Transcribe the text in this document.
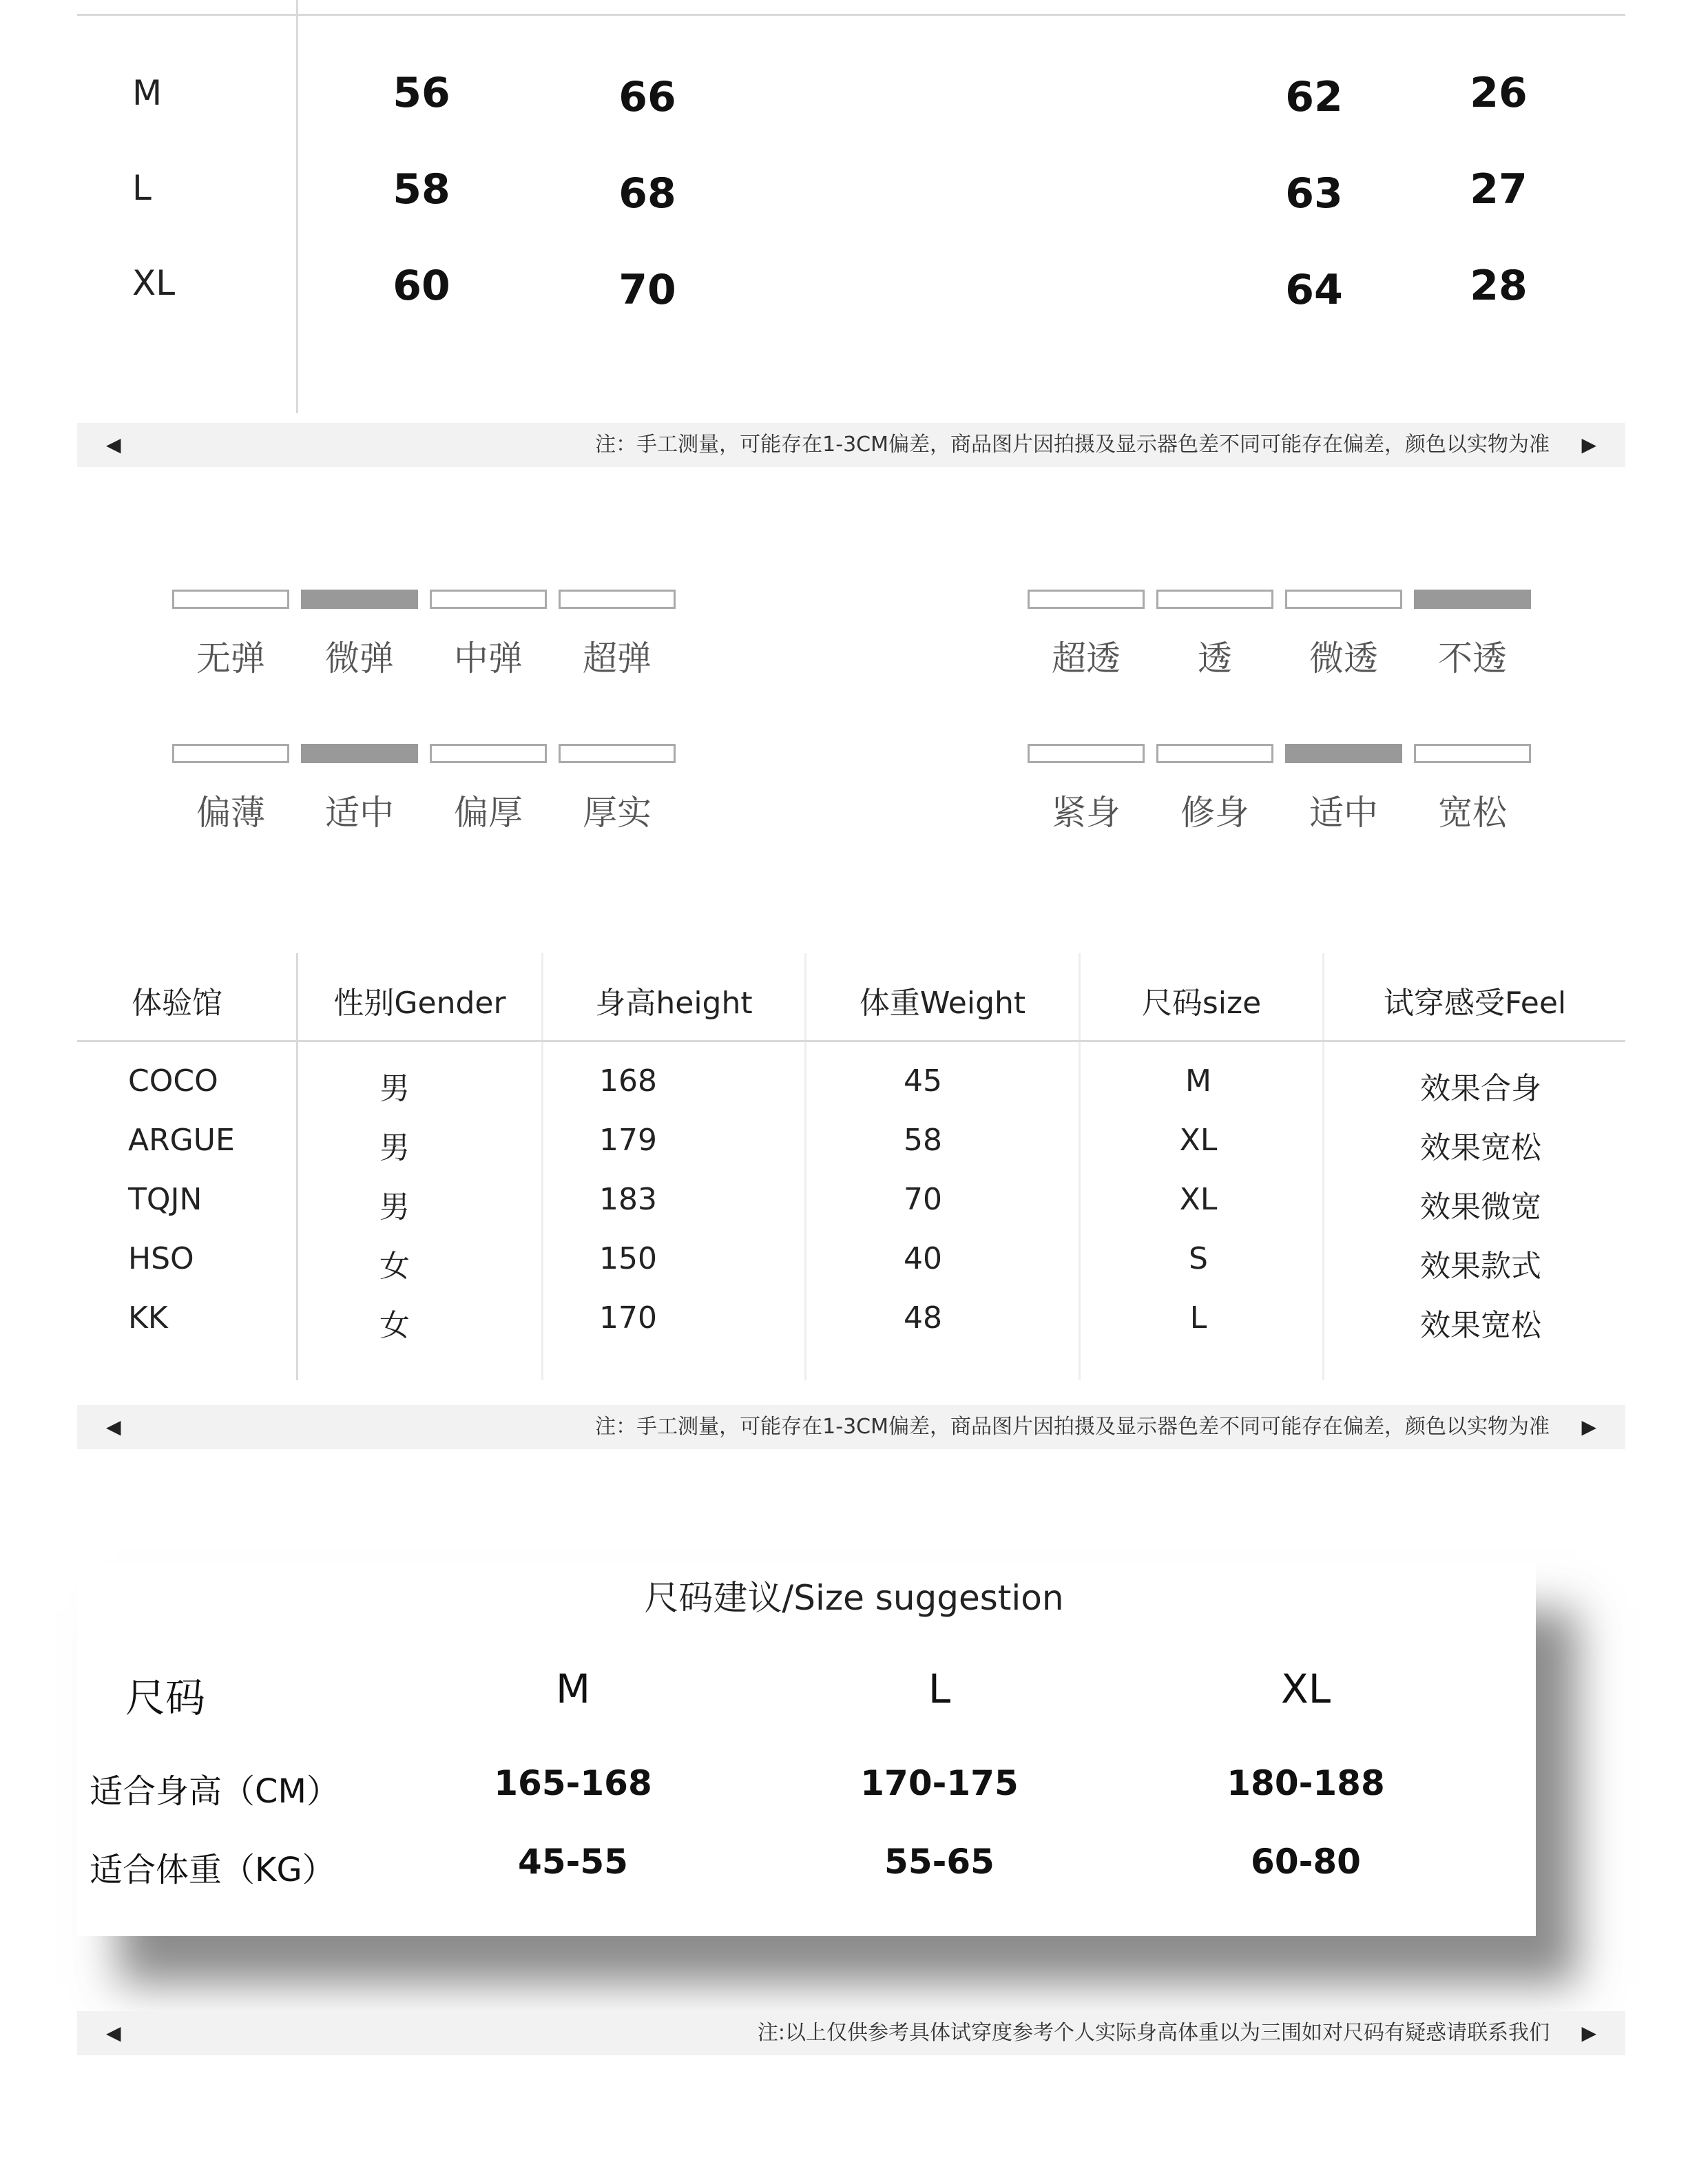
M	56	66	62	26
L	58	68	63	27
XL	60	70	64	28
◀	注：手工测量，可能存在1-3CM偏差，商品图片因拍摄及显示器色差不同可能存在偏差，颜色以实物为准 ▶
无弹	微弹	中弹	超弹	超透	透	微透	不透
偏薄	适中	偏厚	厚实	紧身	修身	适中	宽松
体验馆	性别Gender	身高height	体重Weight	尺码size	试穿感受Feel
COCO	男	168	45	M	效果合身
ARGUE	男	179	58	XL	效果宽松
TQJN	男	183	70	XL	效果微宽
HSO	女	150	40	S	效果款式
KK	女	170	48	L	效果宽松
◀	注：手工测量，可能存在1-3CM偏差，商品图片因拍摄及显示器色差不同可能存在偏差，颜色以实物为准 ▶
尺码建议/Size suggestion
尺码	M	L	XL
适合身高（CM）	165-168	170-175	180-188
适合体重（KG）	45-55	55-65	60-80
◀	注:以上仅供参考具体试穿度参考个人实际身高体重以为三围如对尺码有疑惑请联系我们 ▶
